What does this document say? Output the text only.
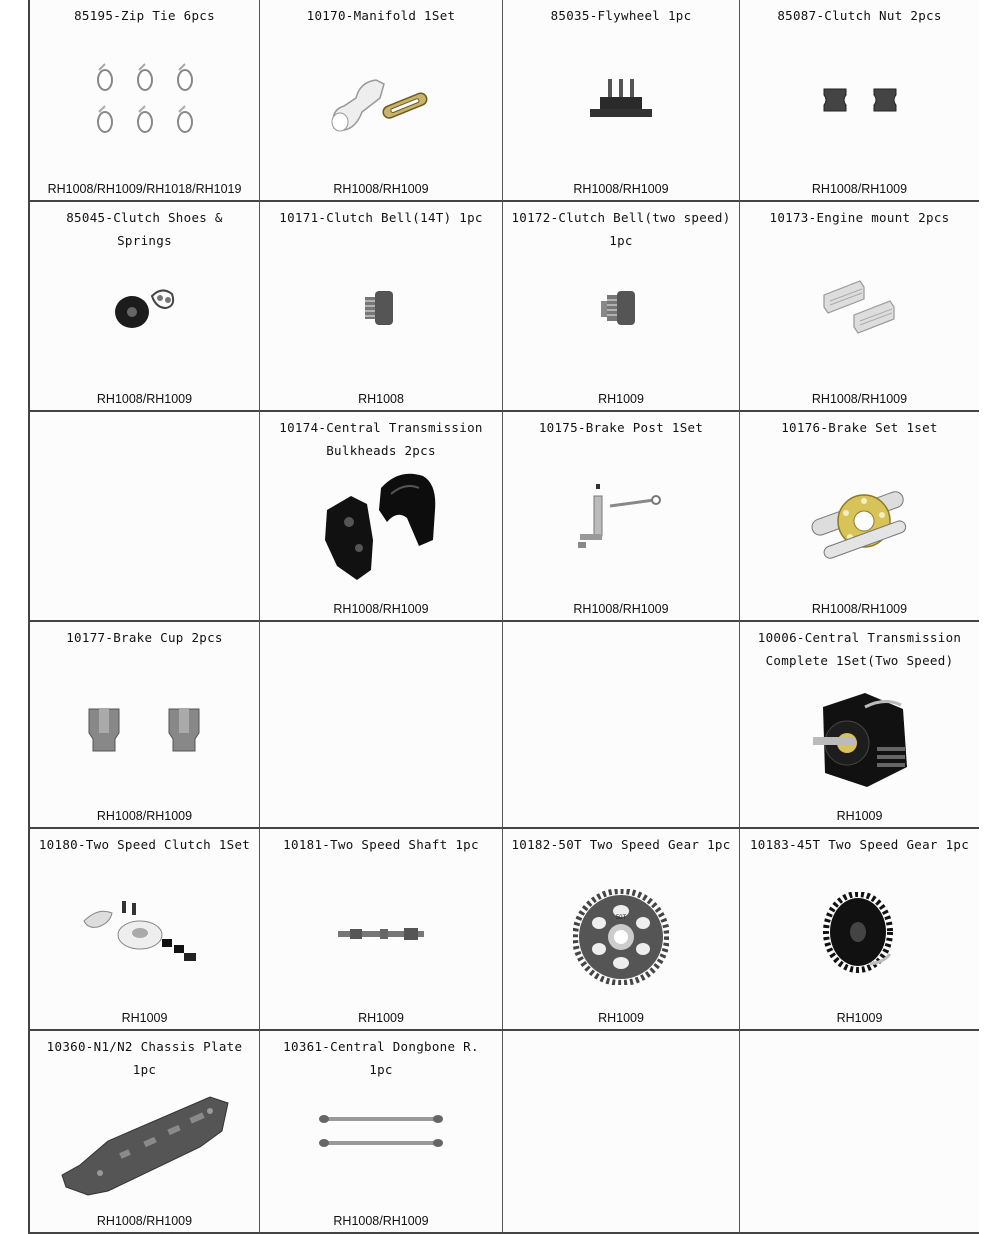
85195-Zip Tie 6pcs
RH1008/RH1009/RH1018/RH1019
10170-Manifold 1Set
RH1008/RH1009
85035-Flywheel 1pc
RH1008/RH1009
85087-Clutch Nut 2pcs
RH1008/RH1009
85045-Clutch Shoes & Springs
RH1008/RH1009
10171-Clutch Bell(14T) 1pc
RH1008
10172-Clutch Bell(two speed) 1pc
RH1009
10173-Engine mount 2pcs
RH1008/RH1009
10174-Central Transmission
Bulkheads 2pcs
RH1008/RH1009
10175-Brake Post 1Set
RH1008/RH1009
10176-Brake Set 1set
RH1008/RH1009
10177-Brake Cup 2pcs
RH1008/RH1009
10006-Central Transmission
Complete 1Set(Two Speed)
RH1009
10180-Two Speed Clutch 1Set
RH1009
10181-Two Speed Shaft 1pc
RH1009
10182-50T Two Speed Gear 1pc
50T
RH1009
10183-45T Two Speed Gear 1pc
RH1009
10360-N1/N2 Chassis Plate 1pc
RH1008/RH1009
10361-Central Dongbone R. 1pc
RH1008/RH1009
